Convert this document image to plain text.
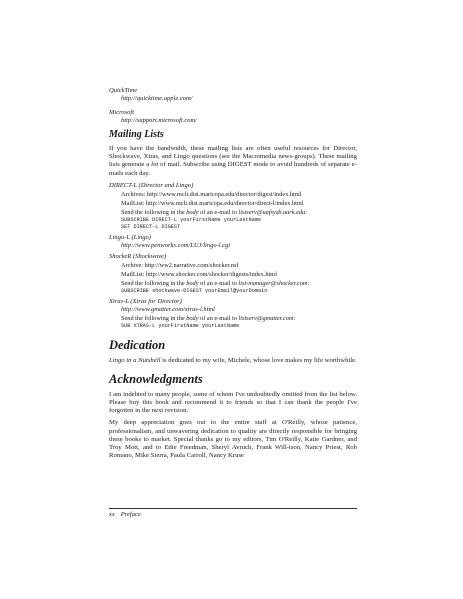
QuickTime
http://quicktime.apple.com/
Microsoft
http://support.microsoft.com/
Mailing Lists

If you have the bandwidth, these mailing lists are often useful resources for Director, Shockwave, Xtras, and Lingo questions (see the Macromedia news-groups). These mailing lists generate a lot of mail. Subscribe using DIGEST mode to avoid hundreds of separate e-mails each day.

DIRECT-L (Director and Lingo)
Archives: http://www.mcli.dist.maricopa.edu/director/digest/index.html
MailList: http://www.mcli.dist.maricopa.edu/director/direct-l/index.html
Send the following in the body of an e-mail to listserv@uafsysb.uark.edu:
SUBSCRIBE DIRECT-L yourFirstName yourLastName
SET DIRECT-L DIGEST
Lingo-L (Lingo)
http://www.penworks.com/LUJ/lingo-l.cgi
ShockeR (Shockwave)
Archive: http://ww2.narrative.com/shocker.nsf
MailList: http://www.shocker.com/shocker/digests/index.html
Send the following in the body of an e-mail to list-manager@shocker.com:
SUBSCRIBE shockwave-DIGEST yourEmail@yourDomain
Xtras-L (Xtras for Director)
http://www.gmatter.com/xtras-l.html
Send the following in the body of an e-mail to listserv@gmatter.com:
SUB XTRAS-L yourFirstName yourLastName
Dedication

Lingo in a Nutshell is dedicated to my wife, Michele, whose love makes my life worthwhile.

Acknowledgments

I am indebted to many people, some of whom I've undoubtedly omitted from the list below. Please buy this book and recommend it to friends so that I can thank the people I've forgotten in the next revision.

My deep appreciation goes out to the entire staff at O'Reilly, whose patience, professionalism, and unwavering dedication to quality are directly responsible for bringing these books to market. Special thanks go to my editors, Tim O'Reilly, Katie Gardner, and Troy Mott, and to Edie Freedman, Sheryl Avruch, Frank Will-ison, Nancy Priest, Rob Romano, Mike Sierra, Paula Carroll, Nancy Kruse

xx Preface
